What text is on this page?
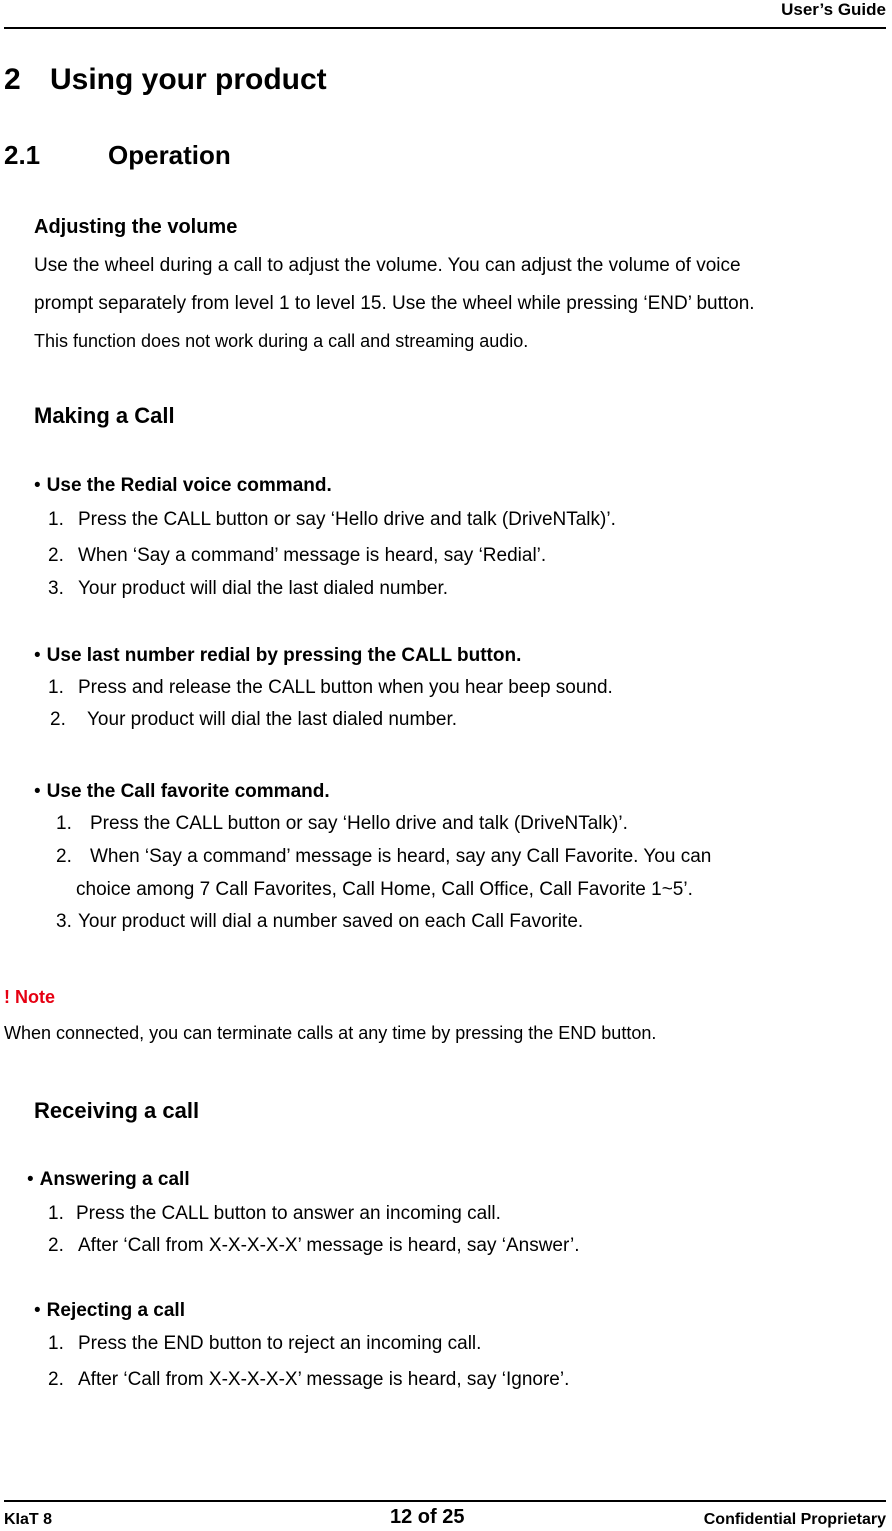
User’s Guide
2 Using your product
2.1	Operation
Adjusting the volume
Use the wheel during a call to adjust the volume. You can adjust the volume of voice
prompt separately from level 1 to level 15. Use the wheel while pressing ‘END’ button.
This function does not work during a call and streaming audio.
Making a Call
• Use the Redial voice command.
1. Press the CALL button or say ‘Hello drive and talk (DriveNTalk)’.
2. When ‘Say a command’ message is heard, say ‘Redial’.
3. Your product will dial the last dialed number.
• Use last number redial by pressing the CALL button.
1. Press and release the CALL button when you hear beep sound.
2. Your product will dial the last dialed number.
• Use the Call favorite command.
1. Press the CALL button or say ‘Hello drive and talk (DriveNTalk)’.
2. When ‘Say a command’ message is heard, say any Call Favorite. You can
choice among 7 Call Favorites, Call Home, Call Office, Call Favorite 1~5’.
3. Your product will dial a number saved on each Call Favorite.
! Note
When connected, you can terminate calls at any time by pressing the END button.
Receiving a call
• Answering a call
1. Press the CALL button to answer an incoming call.
2. After ‘Call from X-X-X-X-X’ message is heard, say ‘Answer’.
• Rejecting a call
1. Press the END button to reject an incoming call.
2. After ‘Call from X-X-X-X-X’ message is heard, say ‘Ignore’.
KIaT 8	12 of 25	Confidential Proprietary
